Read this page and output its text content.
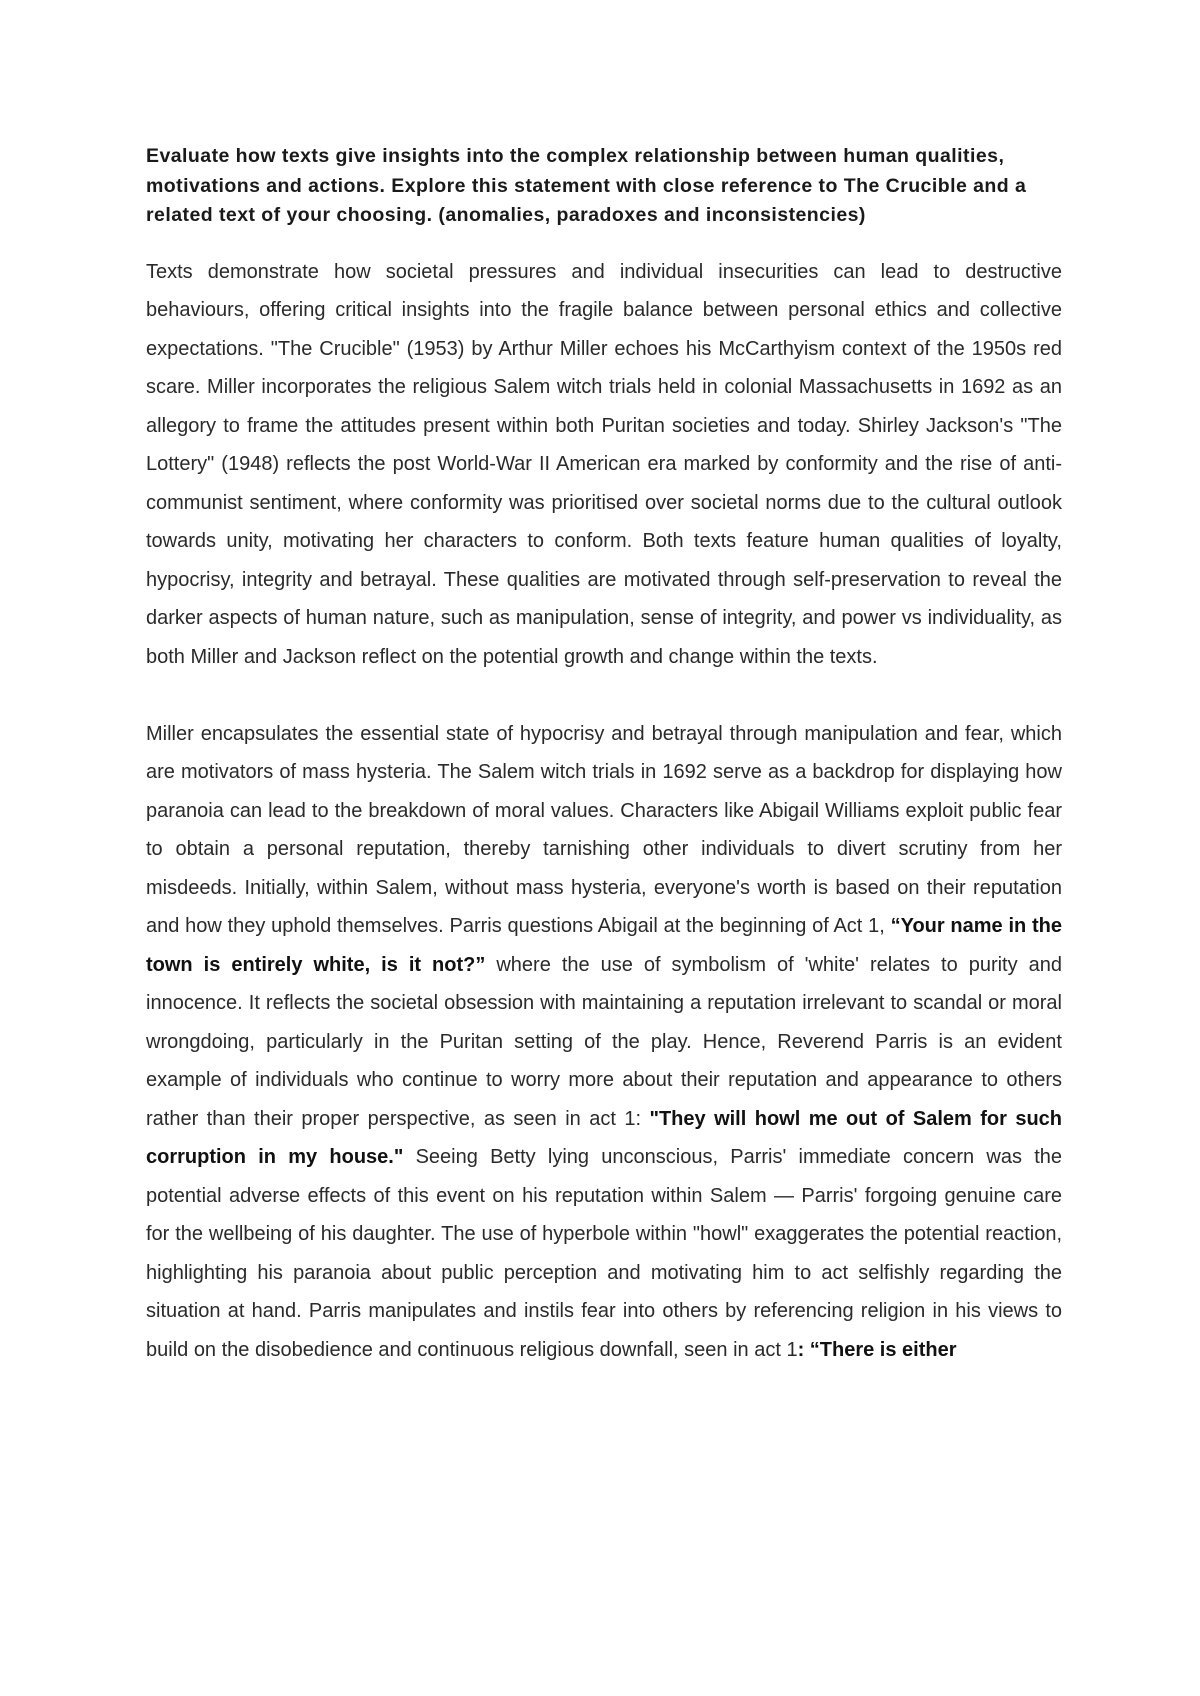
Evaluate how texts give insights into the complex relationship between human qualities, motivations and actions. Explore this statement with close reference to The Crucible and a related text of your choosing. (anomalies, paradoxes and inconsistencies)

Texts demonstrate how societal pressures and individual insecurities can lead to destructive behaviours, offering critical insights into the fragile balance between personal ethics and collective expectations. "The Crucible" (1953) by Arthur Miller echoes his McCarthyism context of the 1950s red scare. Miller incorporates the religious Salem witch trials held in colonial Massachusetts in 1692 as an allegory to frame the attitudes present within both Puritan societies and today. Shirley Jackson's "The Lottery" (1948) reflects the post World-War II American era marked by conformity and the rise of anti-communist sentiment, where conformity was prioritised over societal norms due to the cultural outlook towards unity, motivating her characters to conform. Both texts feature human qualities of loyalty, hypocrisy, integrity and betrayal. These qualities are motivated through self-preservation to reveal the darker aspects of human nature, such as manipulation, sense of integrity, and power vs individuality, as both Miller and Jackson reflect on the potential growth and change within the texts.

Miller encapsulates the essential state of hypocrisy and betrayal through manipulation and fear, which are motivators of mass hysteria. The Salem witch trials in 1692 serve as a backdrop for displaying how paranoia can lead to the breakdown of moral values. Characters like Abigail Williams exploit public fear to obtain a personal reputation, thereby tarnishing other individuals to divert scrutiny from her misdeeds. Initially, within Salem, without mass hysteria, everyone's worth is based on their reputation and how they uphold themselves. Parris questions Abigail at the beginning of Act 1, “Your name in the town is entirely white, is it not?” where the use of symbolism of 'white' relates to purity and innocence. It reflects the societal obsession with maintaining a reputation irrelevant to scandal or moral wrongdoing, particularly in the Puritan setting of the play. Hence, Reverend Parris is an evident example of individuals who continue to worry more about their reputation and appearance to others rather than their proper perspective, as seen in act 1: "They will howl me out of Salem for such corruption in my house." Seeing Betty lying unconscious, Parris' immediate concern was the potential adverse effects of this event on his reputation within Salem — Parris' forgoing genuine care for the wellbeing of his daughter. The use of hyperbole within "howl" exaggerates the potential reaction, highlighting his paranoia about public perception and motivating him to act selfishly regarding the situation at hand. Parris manipulates and instils fear into others by referencing religion in his views to build on the disobedience and continuous religious downfall, seen in act 1: “There is either
